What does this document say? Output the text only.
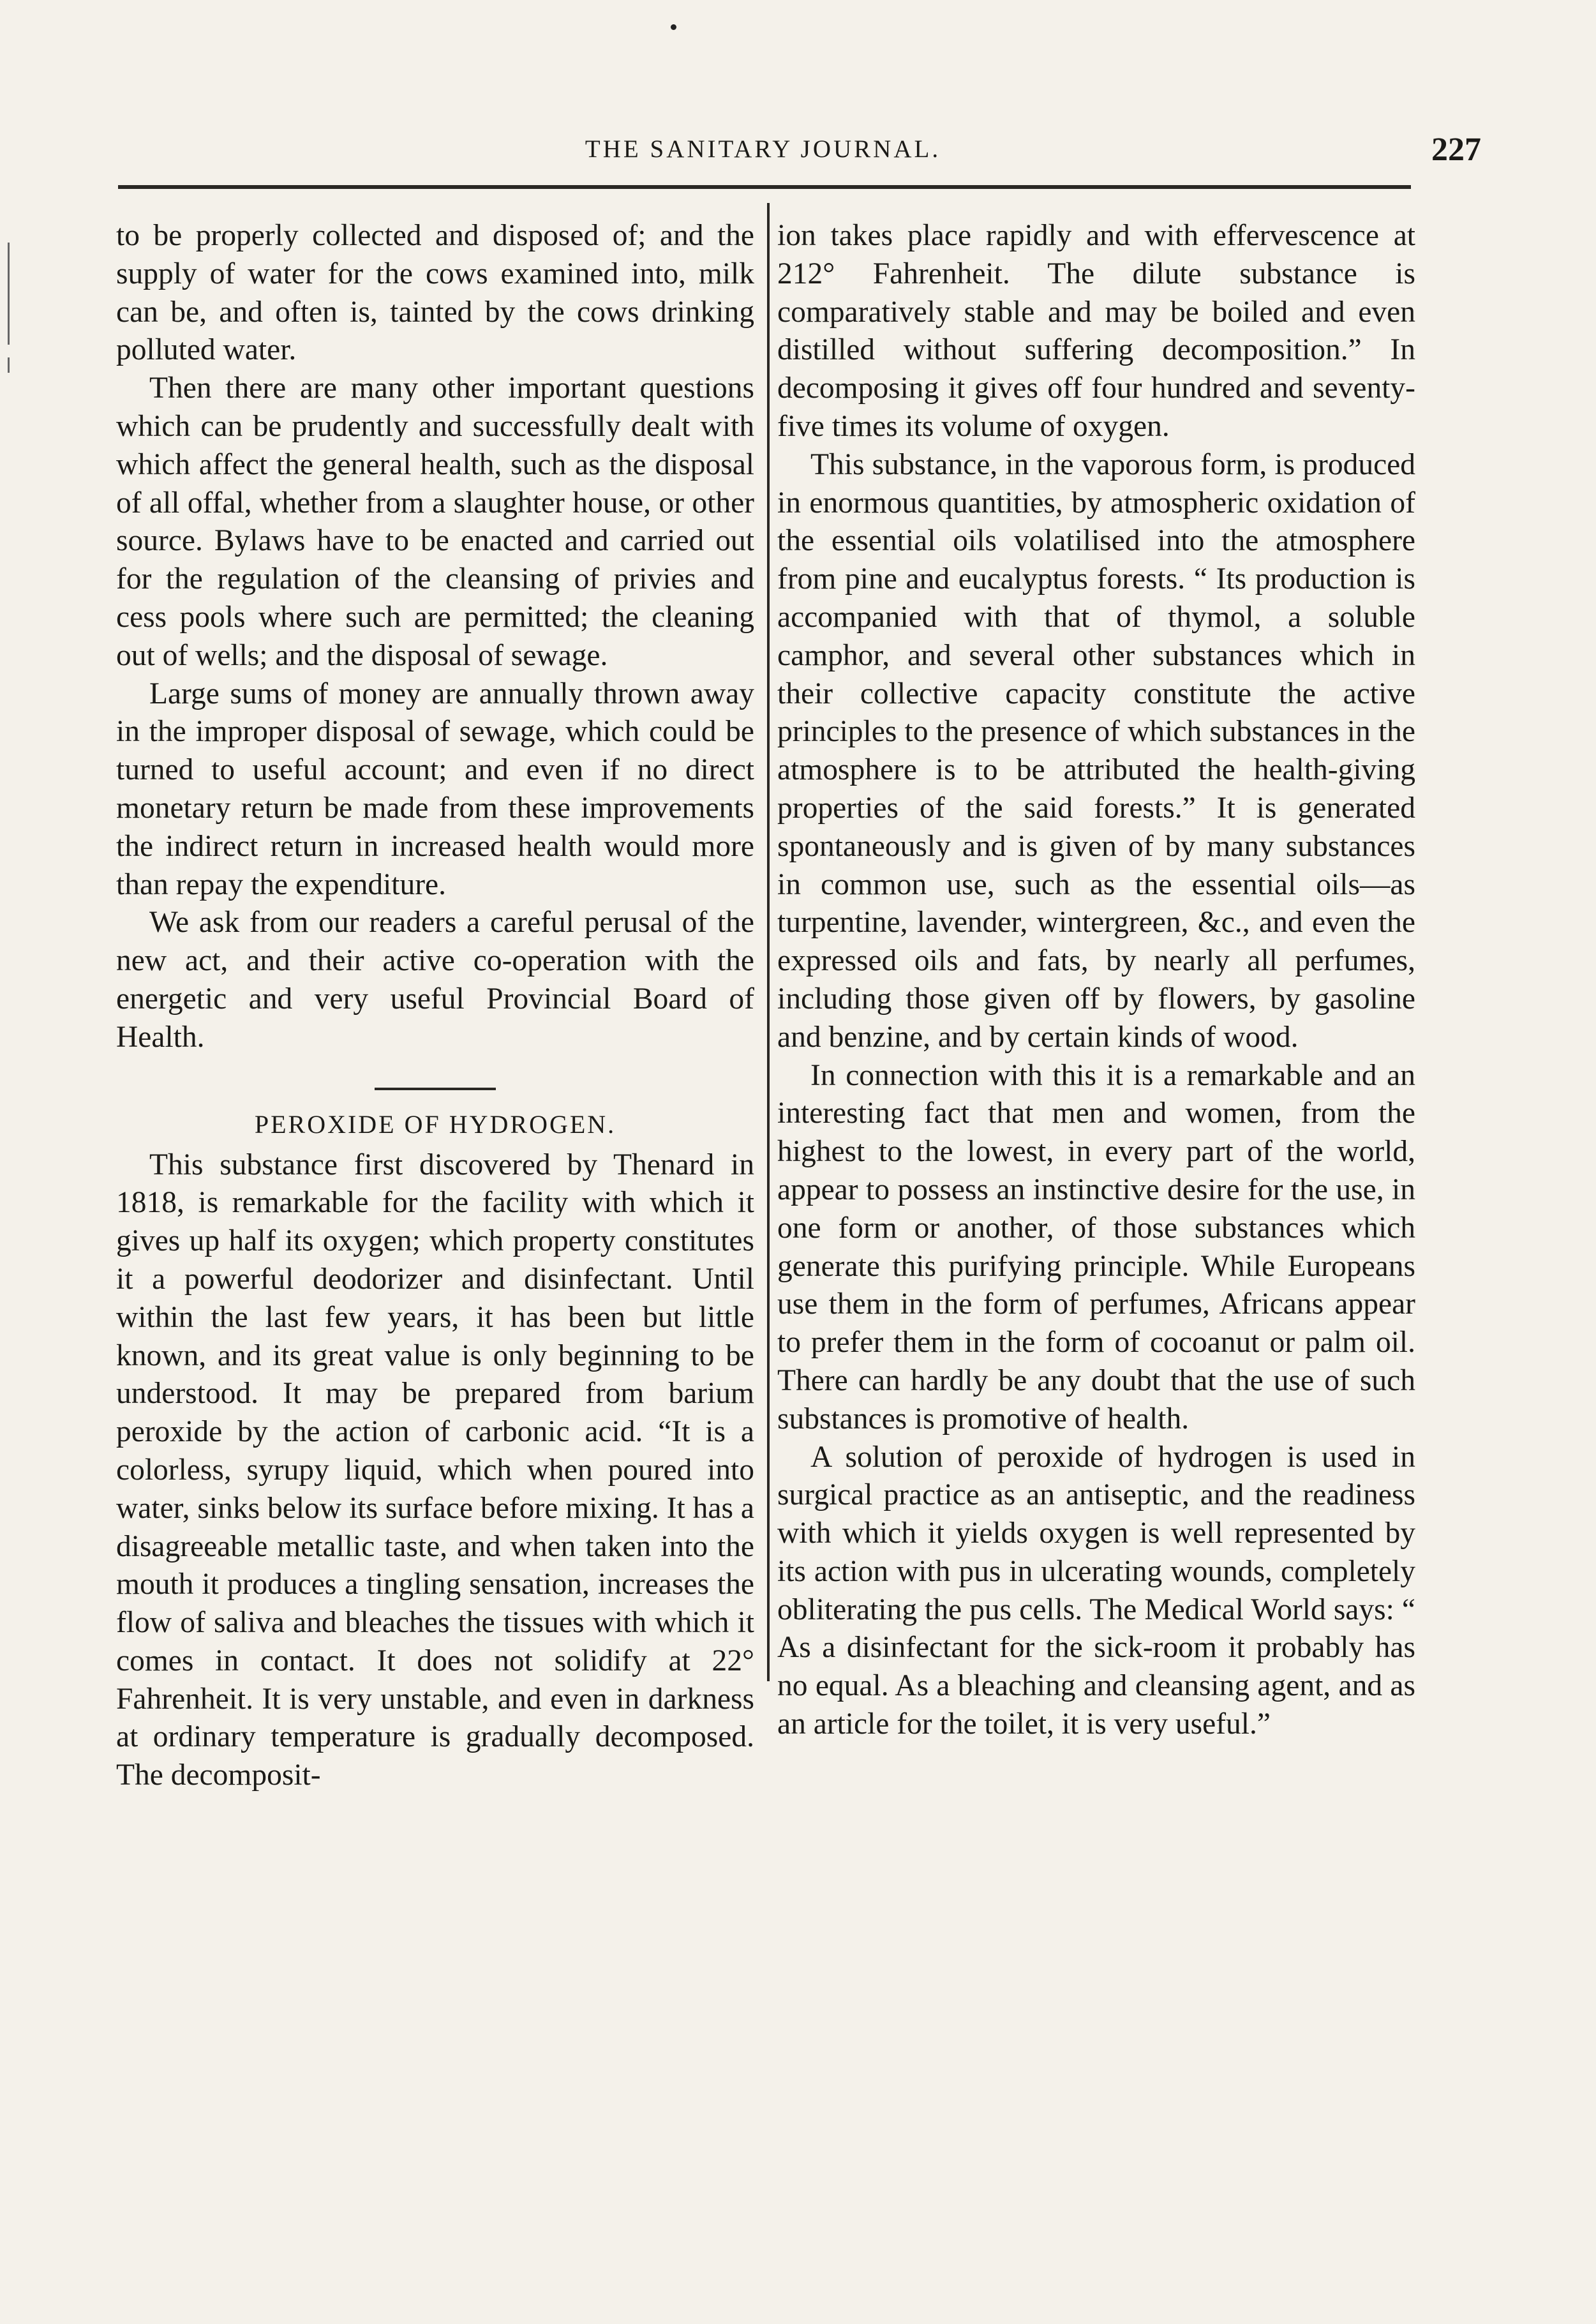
THE SANITARY JOURNAL.	227

to be properly collected and disposed of; and the supply of water for the cows examined into, milk can be, and often is, tainted by the cows drinking polluted water.

Then there are many other important questions which can be prudently and successfully dealt with which affect the general health, such as the disposal of all offal, whether from a slaughter house, or other source. Bylaws have to be enacted and carried out for the regulation of the cleansing of privies and cess pools where such are permitted; the cleaning out of wells; and the disposal of sewage.

Large sums of money are annually thrown away in the improper disposal of sewage, which could be turned to useful account; and even if no direct monetary return be made from these improvements the indirect return in increased health would more than repay the expenditure.

We ask from our readers a careful perusal of the new act, and their active co-operation with the energetic and very useful Provincial Board of Health.

PEROXIDE OF HYDROGEN.

This substance first discovered by Thenard in 1818, is remarkable for the facility with which it gives up half its oxygen; which property constitutes it a powerful deodorizer and disinfectant. Until within the last few years, it has been but little known, and its great value is only beginning to be understood. It may be prepared from barium peroxide by the action of carbonic acid. “It is a colorless, syrupy liquid, which when poured into water, sinks below its surface before mixing. It has a disagreeable metallic taste, and when taken into the mouth it produces a tingling sensation, increases the flow of saliva and bleaches the tissues with which it comes in contact. It does not solidify at 22° Fahrenheit. It is very unstable, and even in darkness at ordinary temperature is gradually decomposed. The decomposit-

ion takes place rapidly and with effervescence at 212° Fahrenheit. The dilute substance is comparatively stable and may be boiled and even distilled without suffering decomposition.” In decomposing it gives off four hundred and seventy-five times its volume of oxygen.

This substance, in the vaporous form, is produced in enormous quantities, by atmospheric oxidation of the essential oils volatilised into the atmosphere from pine and eucalyptus forests. “ Its production is accompanied with that of thymol, a soluble camphor, and several other substances which in their collective capacity constitute the active principles to the presence of which substances in the atmosphere is to be attributed the health-giving properties of the said forests.” It is generated spontaneously and is given of by many substances in common use, such as the essential oils—as turpentine, lavender, wintergreen, &c., and even the expressed oils and fats, by nearly all perfumes, including those given off by flowers, by gasoline and benzine, and by certain kinds of wood.

In connection with this it is a remarkable and an interesting fact that men and women, from the highest to the lowest, in every part of the world, appear to possess an instinctive desire for the use, in one form or another, of those substances which generate this purifying principle. While Europeans use them in the form of perfumes, Africans appear to prefer them in the form of cocoanut or palm oil. There can hardly be any doubt that the use of such substances is promotive of health.

A solution of peroxide of hydrogen is used in surgical practice as an antiseptic, and the readiness with which it yields oxygen is well represented by its action with pus in ulcerating wounds, completely obliterating the pus cells. The Medical World says: “ As a disinfectant for the sick-room it probably has no equal. As a bleaching and cleansing agent, and as an article for the toilet, it is very useful.”
